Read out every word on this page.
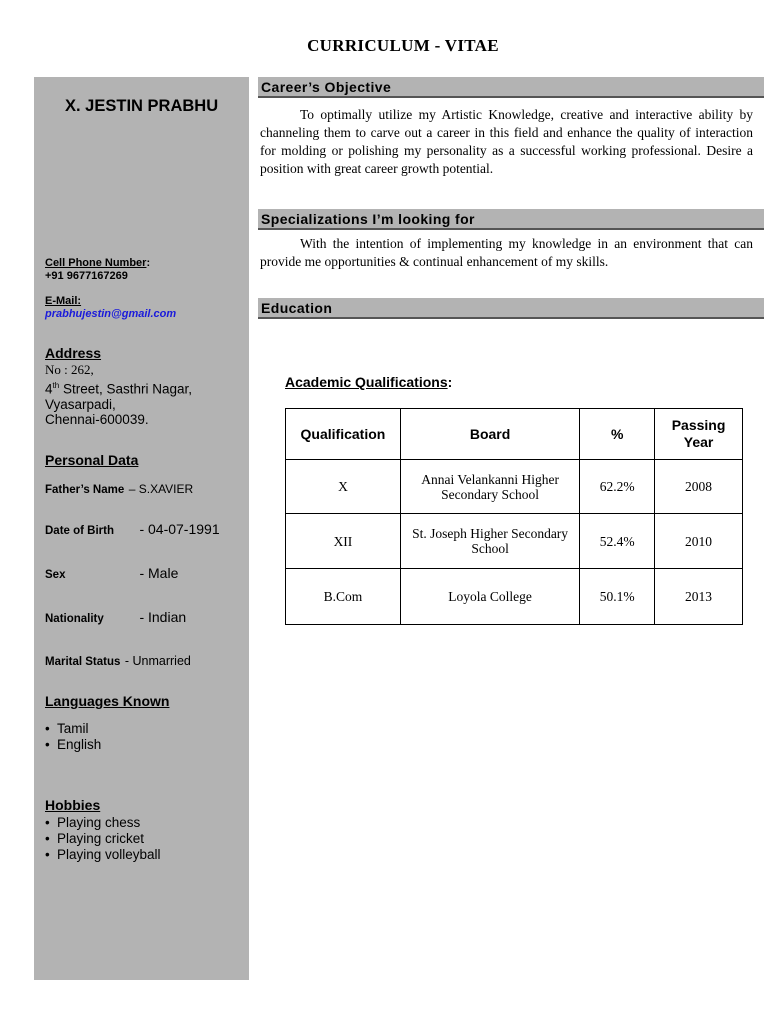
CURRICULUM - VITAE
X. JESTIN PRABHU
Cell Phone Number:
+91 9677167269
E-Mail:
prabhujestin@gmail.com
Address
No : 262,
4th Street, Sasthri Nagar,
Vyasarpadi,
Chennai-600039.
Personal Data
Father’s Name – S.XAVIER
Date of Birth - 04-07-1991
Sex	- Male
Nationality	- Indian
Marital Status - Unmarried
Languages Known
• Tamil
• English
Hobbies
• Playing chess
• Playing cricket
• Playing volleyball
Career’s Objective
To optimally utilize my Artistic Knowledge, creative and interactive ability by channeling them to carve out a career in this field and enhance the quality of interaction for molding or polishing my personality as a successful working professional. Desire a position with great career growth potential.
Specializations I’m looking for
With the intention of implementing my knowledge in an environment that can provide me opportunities & continual enhancement of my skills.
Education
Academic Qualifications:
Qualification	Board	%	Passing Year
X	Annai Velankanni Higher Secondary School	62.2%	2008
XII	St. Joseph Higher Secondary School	52.4%	2010
B.Com	Loyola College	50.1%	2013
